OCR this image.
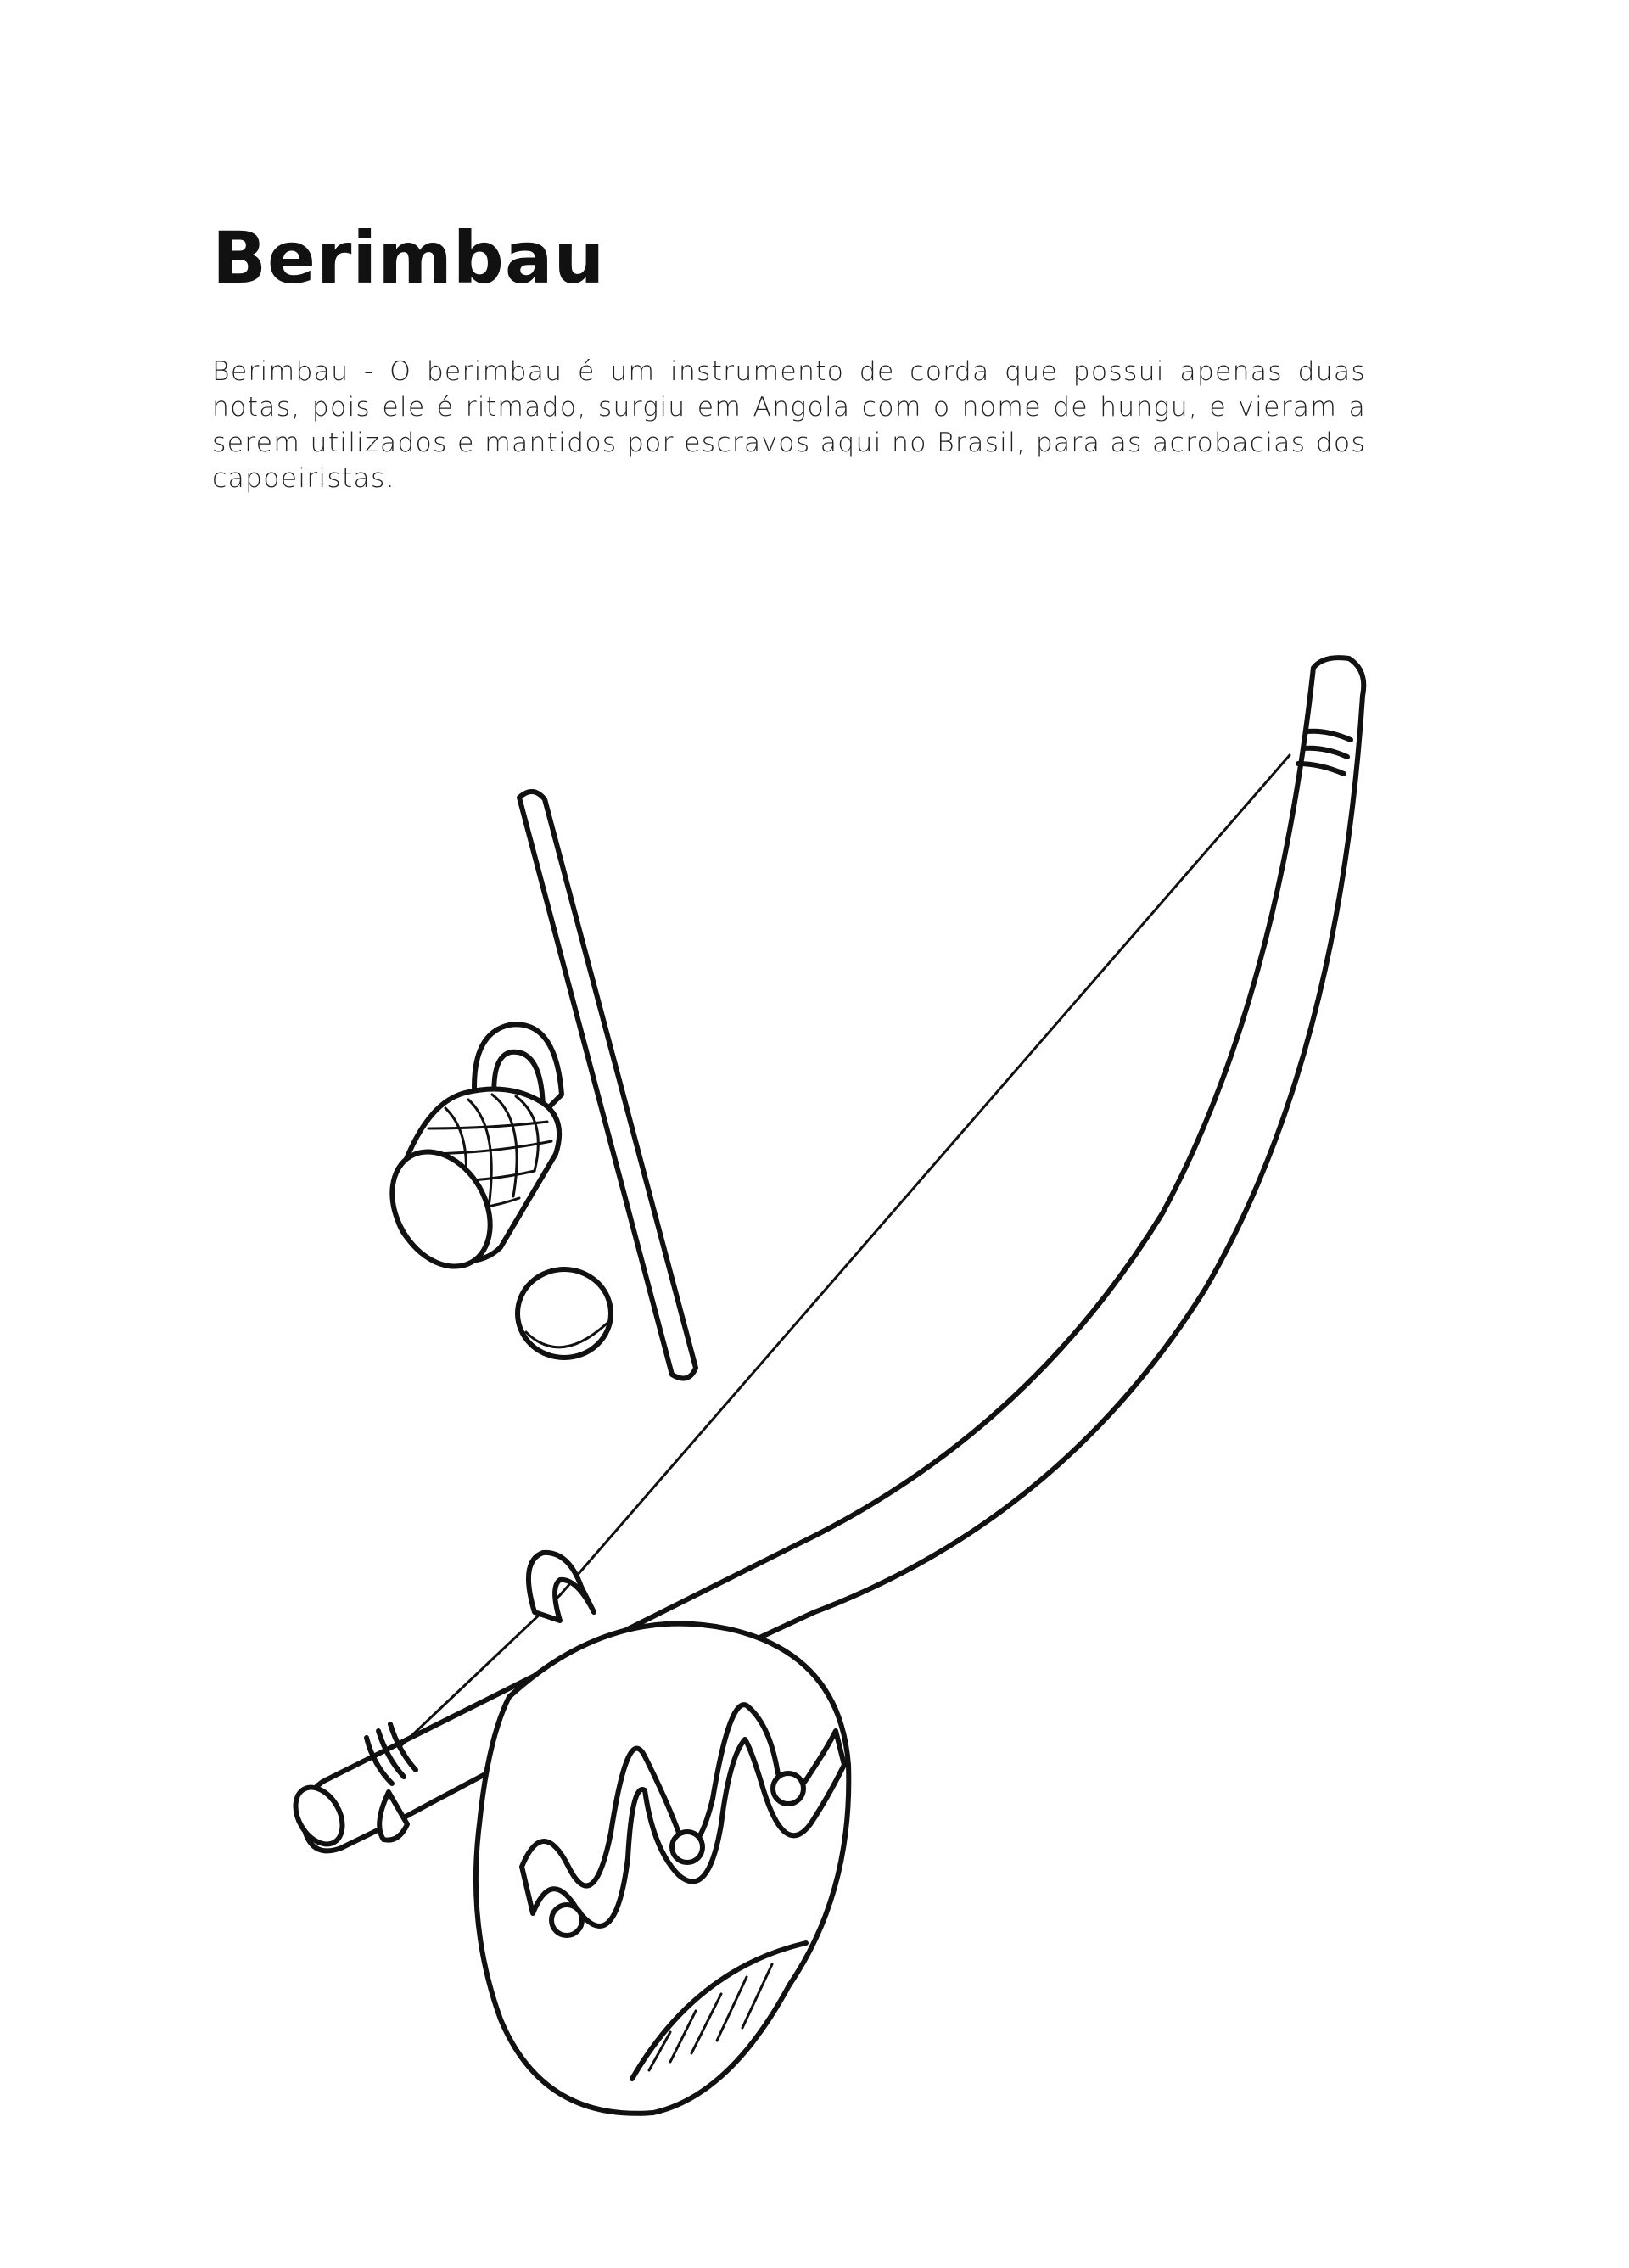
Berimbau

Berimbau - O berimbau é um instrumento de corda que possui apenas duas notas, pois ele é ritmado, surgiu em Angola com o nome de hungu, e vieram a serem utilizados e mantidos por escravos aqui no Brasil, para as acrobacias dos capoeiristas.
